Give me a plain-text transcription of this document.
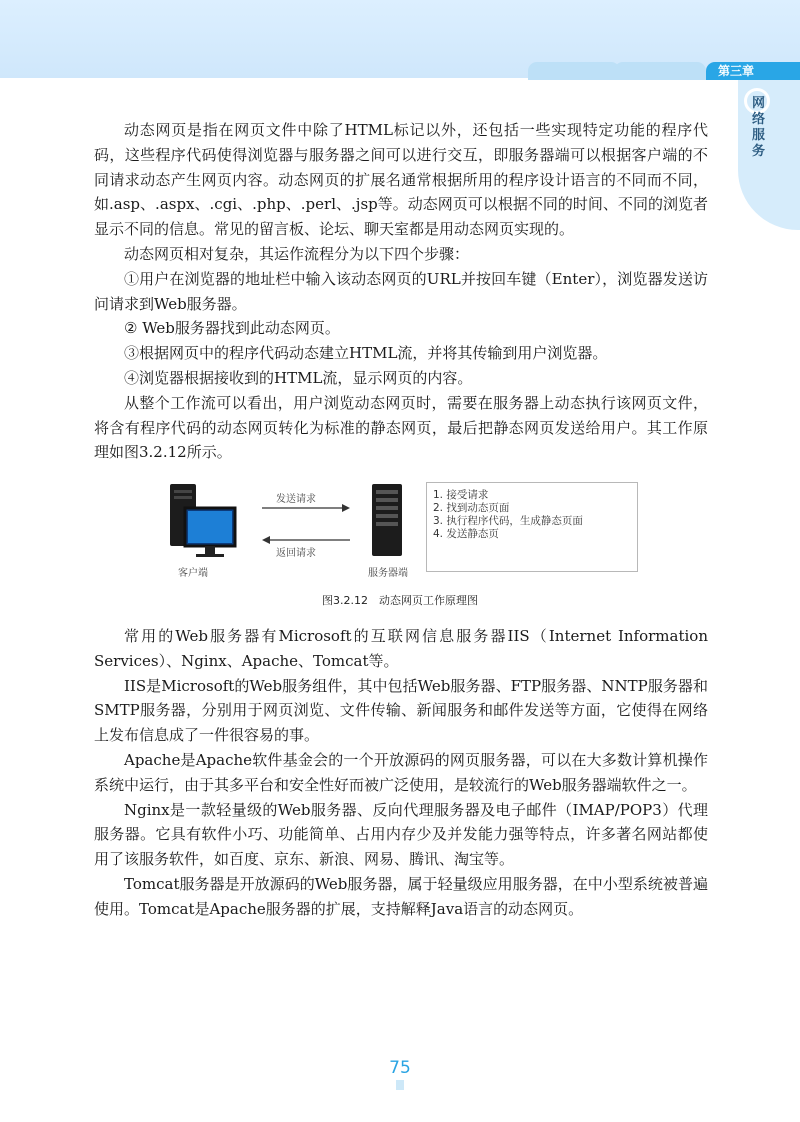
第三章
网络服务

动态网页是指在网页文件中除了HTML标记以外，还包括一些实现特定功能的程序代码，这些程序代码使得浏览器与服务器之间可以进行交互，即服务器端可以根据客户端的不同请求动态产生网页内容。动态网页的扩展名通常根据所用的程序设计语言的不同而不同，如.asp、.aspx、.cgi、.php、.perl、.jsp等。动态网页可以根据不同的时间、不同的浏览者显示不同的信息。常见的留言板、论坛、聊天室都是用动态网页实现的。

动态网页相对复杂，其运作流程分为以下四个步骤：

①用户在浏览器的地址栏中输入该动态网页的URL并按回车键（Enter），浏览器发送访问请求到Web服务器。

② Web服务器找到此动态网页。

③根据网页中的程序代码动态建立HTML流，并将其传输到用户浏览器。

④浏览器根据接收到的HTML流，显示网页的内容。

从整个工作流可以看出，用户浏览动态网页时，需要在服务器上动态执行该网页文件，将含有程序代码的动态网页转化为标准的静态网页，最后把静态网页发送给用户。其工作原理如图3.2.12所示。

发送请求
返回请求
客户端	服务器端
1. 接受请求
2. 找到动态页面
3. 执行程序代码，生成静态页面
4. 发送静态页
图3.2.12　动态网页工作原理图

常用的Web服务器有Microsoft的互联网信息服务器IIS（Internet Information Services）、Nginx、Apache、Tomcat等。

IIS是Microsoft的Web服务组件，其中包括Web服务器、FTP服务器、NNTP服务器和SMTP服务器，分别用于网页浏览、文件传输、新闻服务和邮件发送等方面，它使得在网络上发布信息成了一件很容易的事。

Apache是Apache软件基金会的一个开放源码的网页服务器，可以在大多数计算机操作系统中运行，由于其多平台和安全性好而被广泛使用，是较流行的Web服务器端软件之一。

Nginx是一款轻量级的Web服务器、反向代理服务器及电子邮件（IMAP/POP3）代理服务器。它具有软件小巧、功能简单、占用内存少及并发能力强等特点，许多著名网站都使用了该服务软件，如百度、京东、新浪、网易、腾讯、淘宝等。

Tomcat服务器是开放源码的Web服务器，属于轻量级应用服务器，在中小型系统被普遍使用。Tomcat是Apache服务器的扩展，支持解释Java语言的动态网页。

75
